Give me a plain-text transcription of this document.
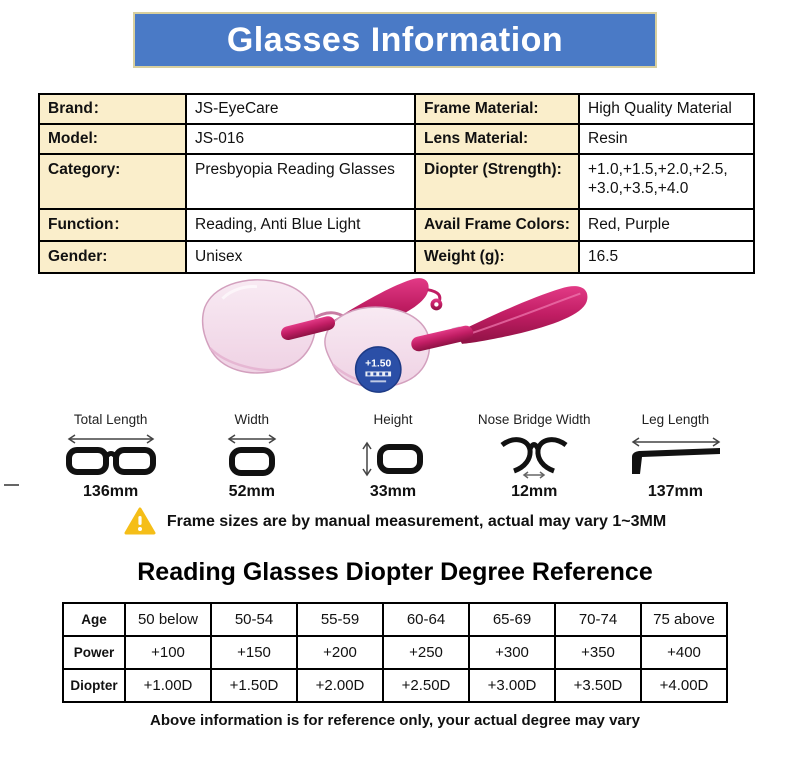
Glasses Information
Brand：	JS-EyeCare	Frame Material:	High Quality Material
Model:	JS-016	Lens Material:	Resin
Category:	Presbyopia Reading Glasses	Diopter (Strength):	+1.0,+1.5,+2.0,+2.5, +3.0,+3.5,+4.0
Function：	Reading, Anti Blue Light	Avail Frame Colors:	Red, Purple
Gender:	Unisex	Weight (g):	16.5
+1.50
Total Length
136mm
Width
52mm
Height
33mm
Nose Bridge Width
12mm
Leg Length
137mm
Frame sizes are by manual measurement, actual may vary 1~3MM
Reading Glasses Diopter Degree Reference
Age	50 below	50-54	55-59	60-64	65-69	70-74	75 above
Power	+100	+150	+200	+250	+300	+350	+400
Diopter	+1.00D	+1.50D	+2.00D	+2.50D	+3.00D	+3.50D	+4.00D
Above information is for reference only, your actual degree may vary
